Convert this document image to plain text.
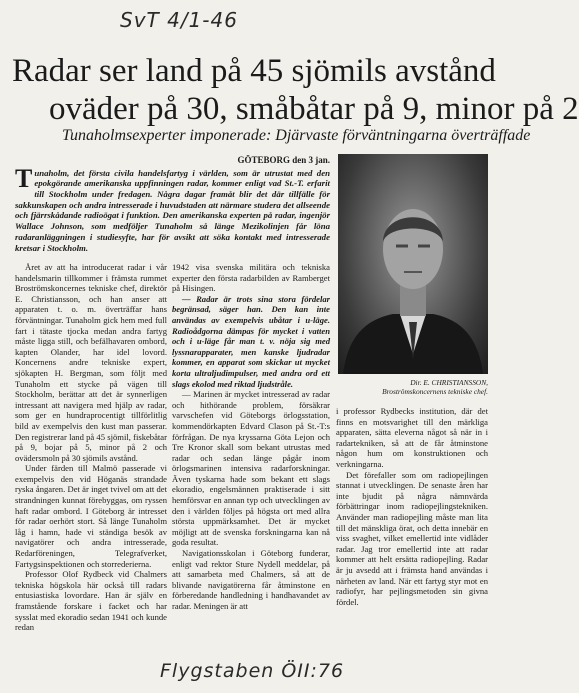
SvT 4/1-46
Radar ser land på 45 sjömils avstånd
oväder på 30, småbåtar på 9, minor på 2
Tunaholmsexperter imponerade: Djärvaste förväntningarna överträffade

GÖTEBORG den 3 jan.

Tunaholm, det första civila handelsfartyg i världen, som är utrustat med den epokgörande amerikanska uppfinningen radar, kommer enligt vad St.-T. erfarit till Stockholm under fredagen. Några dagar framåt blir det där tillfälle för sakkunskapen och andra intresserade i huvudstaden att närmare studera det allseende och fjärrskådande radioögat i funktion. Den amerikanska experten på radar, ingenjör Wallace Johnson, som medföljer Tunaholm så länge Mezikolinjen får löna radaranläggningen i studiesyfte, har för avsikt att söka kontakt med intresserade kretsar i Stockholm.

Dir. E. CHRISTIANSSON,
Broströmskoncernens tekniske chef.

Året av att ha introducerat radar i vår handelsmarin tillkommer i främsta rummet Broströmskoncernes tekniske chef, direktör E. Christiansson, och han anser att apparaten t. o. m. överträffar hans förväntningar. Tunaholm gick hem med full fart i tätaste tjocka medan andra fartyg måste ligga still, och befälhavaren ombord, kapten Olander, har idel lovord. Koncernens andre tekniske expert, sjökapten H. Bergman, som följt med Tunaholm ett stycke på vägen till Stockholm, berättar att det är synnerligen intressant att navigera med hjälp av radar, som ger en hundraprocentigt tillförlitlig bild av exempelvis den kust man passerar. Den registrerar land på 45 sjömil, fiskebåtar på 9, bojar på 5, minor på 2 och ovädersmoln på 30 sjömils avstånd.

Under färden till Malmö passerade vi exempelvis den vid Höganäs strandade ryska ångaren. Det är inget tvivel om att det strandningen kunnat förebyggas, om ryssen haft radar ombord. I Göteborg är intresset för radar oerhört stort. Så länge Tunaholm låg i hamn, hade vi ständiga besök av navigatörer och andra intresserade, Redarföreningen, Telegrafverket, Fartygsinspektionen och storrederierna.

Professor Olof Rydbeck vid Chalmers tekniska högskola här också till radars entusiastiska lovordare. Han är själv en framstående forskare i facket och har sysslat med ekoradio sedan 1941 och kunde redan

1942 visa svenska militära och tekniska experter den första radarbilden av Ramberget på Hisingen.

— Radar är trots sina stora fördelar begränsad, säger han. Den kan inte användas av exempelvis ubåtar i u-läge. Radioådgorna dämpas för mycket i vatten och i u-läge får man t. v. nöja sig med lyssnarapparater, men kanske ljudradar kommer, en apparat som skickar ut mycket korta ultraljudimpulser, med andra ord ett slags ekolod med riktad ljudstråle.

— Marinen är mycket intresserad av radar och hithörande problem, försäkrar varvschefen vid Göteborgs örlogsstation, kommendörkapten Edvard Clason på St.-T:s förfrågan. De nya kryssarna Göta Lejon och Tre Kronor skall som bekant utrustas med radar och sedan länge pågår inom örlogsmarinen intensiva radarforskningar. Även tyskarna hade som bekant ett slags ekoradio, engelsmännen praktiserade i sitt hemförsvar en annan typ och utvecklingen av den i världen följes på högsta ort med allra största uppmärksamhet. Det är mycket möjligt att de svenska forskningarna kan nå goda resultat.

Navigationsskolan i Göteborg funderar, enligt vad rektor Sture Nydell meddelar, på att samarbeta med Chalmers, så att de blivande navigatörerna får åtminstone en förberedande handledning i handhavandet av radar. Meningen är att

i professor Rydbecks institution, där det finns en motsvarighet till den märkliga apparaten, sätta eleverna något så när in i radartekniken, så att de får åtminstone någon hum om konstruktionen och verkningarna.

Det förefaller som om radiopejlingen stannat i utvecklingen. De senaste åren har inte bjudit på några nämnvärda förbättringar inom radiopejlingstekniken. Använder man radiopejling måste man lita till det mänskliga örat, och detta innebär en viss svaghet, vilket emellertid inte vidlåder radar. Jag tror emellertid inte att radar kommer att helt ersätta radiopejling. Radar är ju avsedd att i främsta hand användas i närheten av land. När ett fartyg styr mot en radiofyr, har pejlingsmetoden sin givna fördel.

Flygstaben ÖII:76
